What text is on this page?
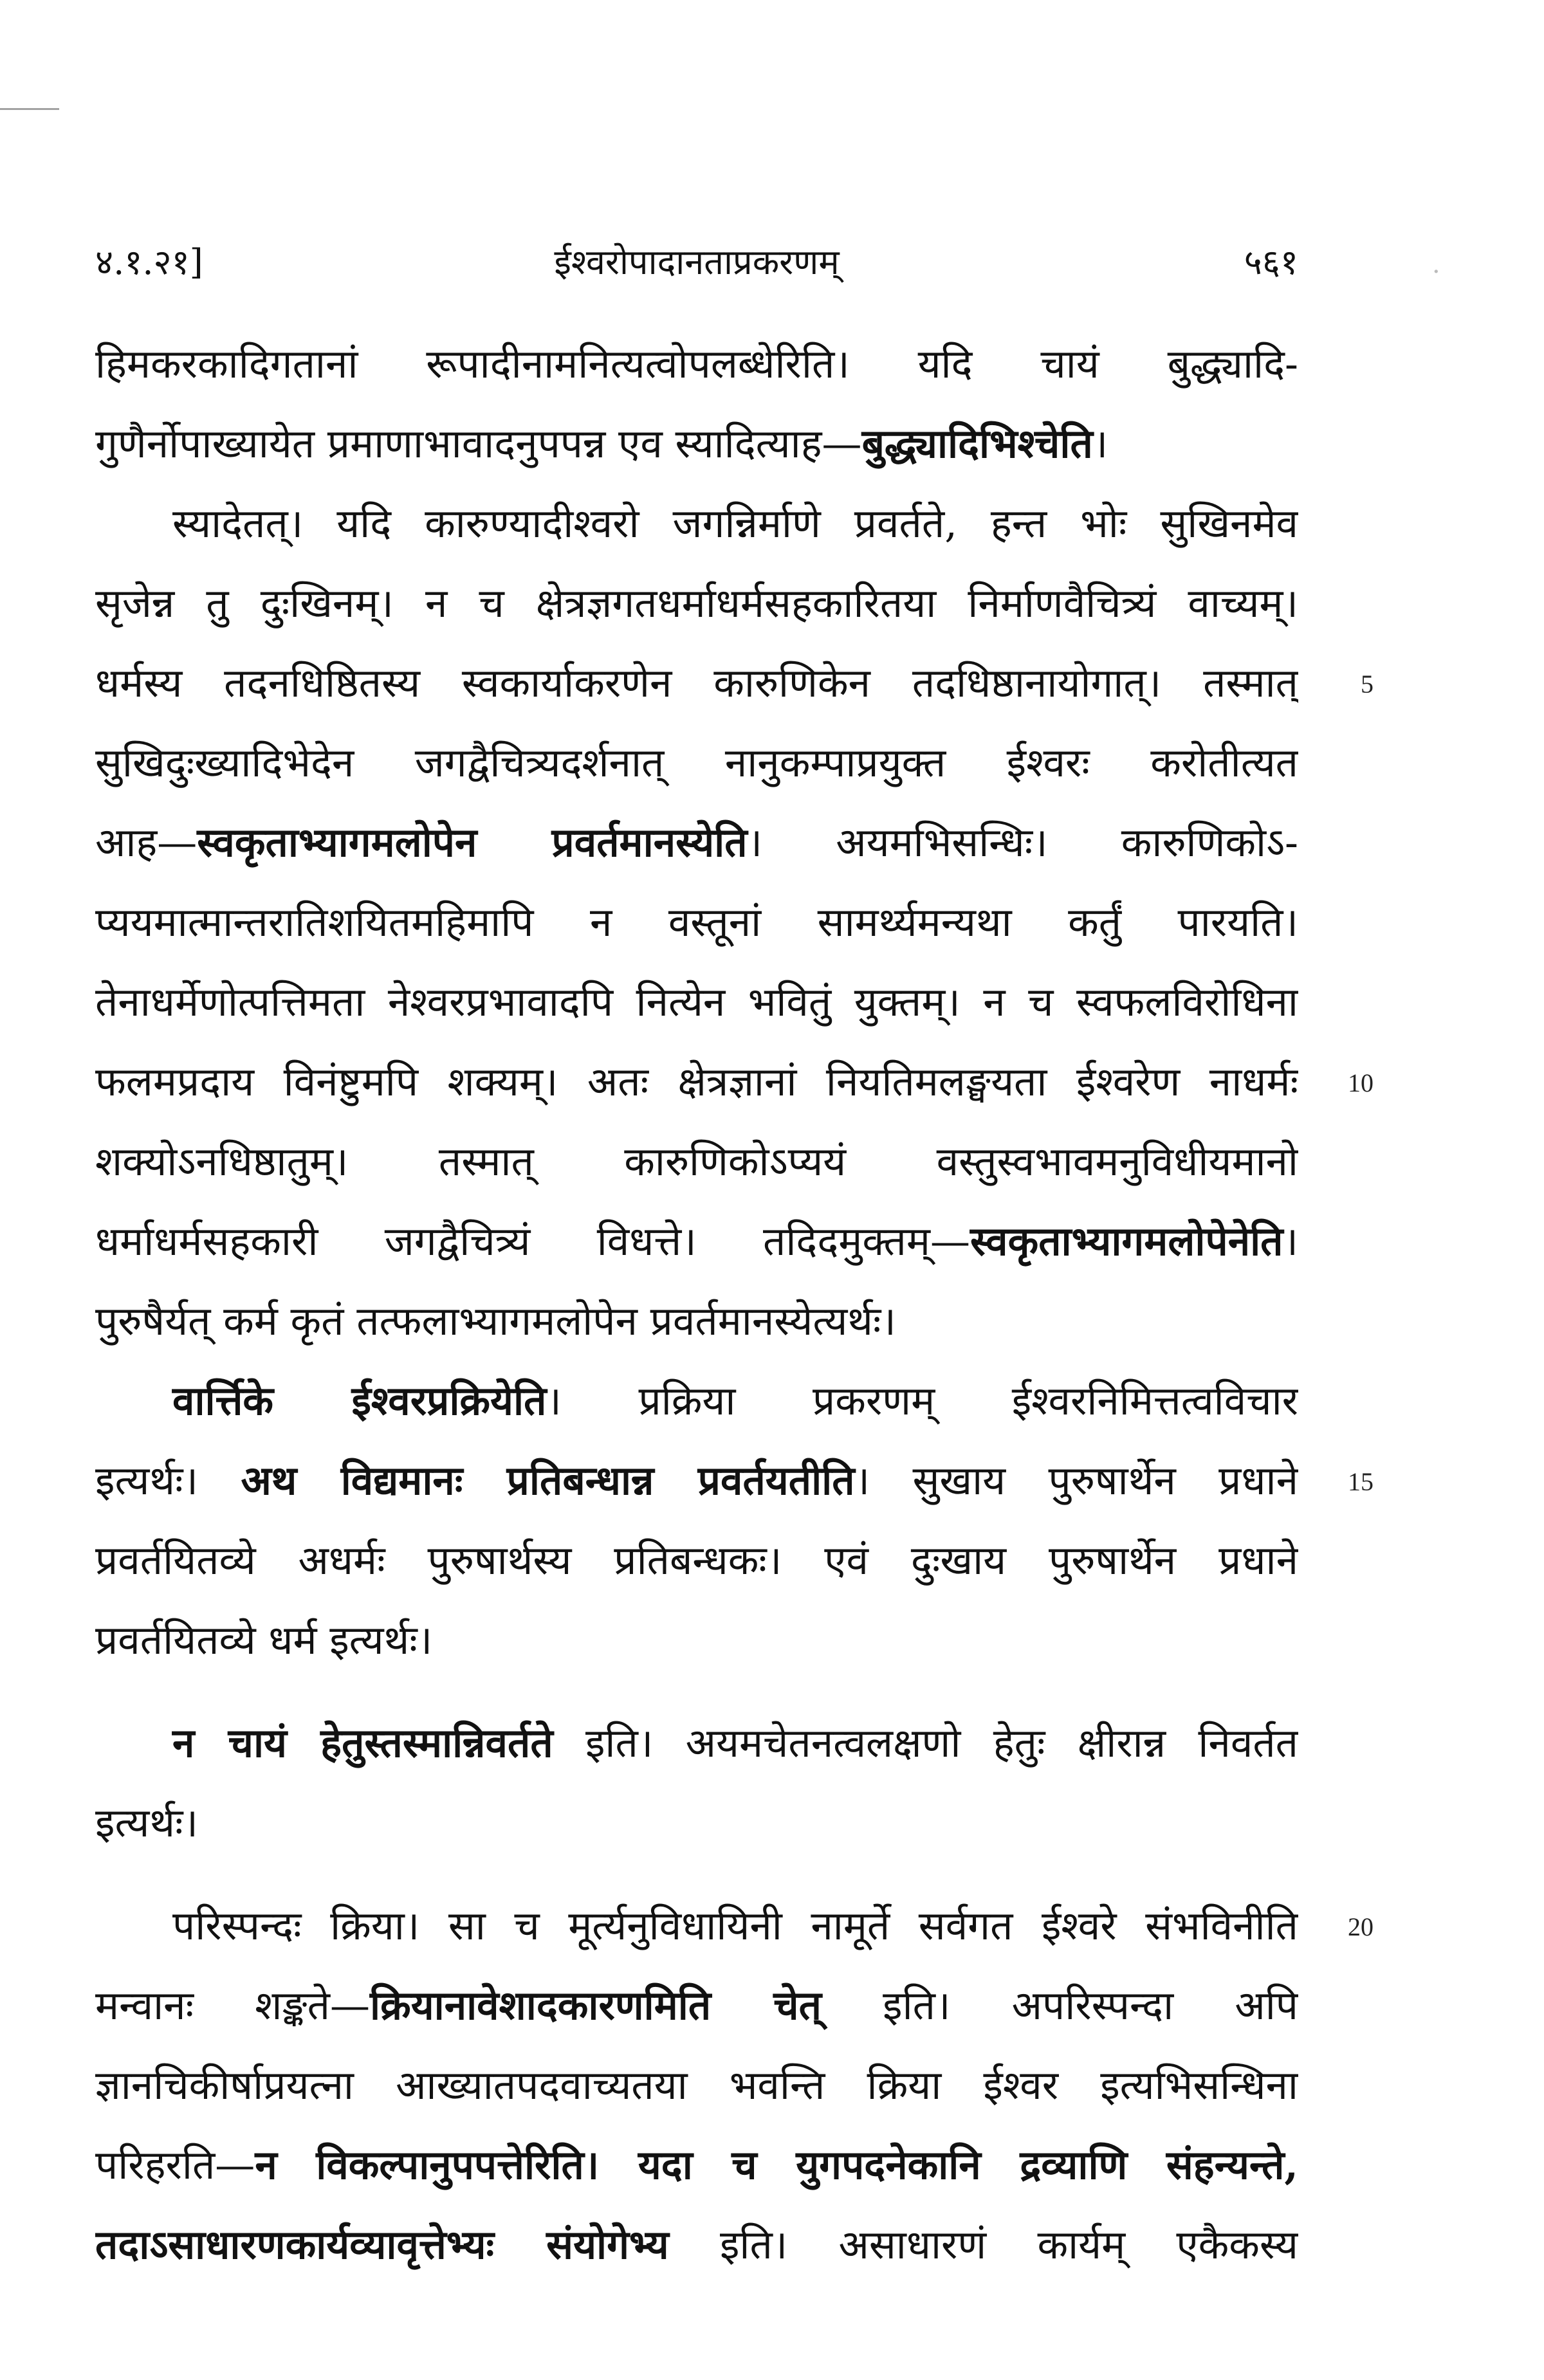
·
४.१.२१]	ईश्वरोपादानताप्रकरणम्	५६१
हिमकरकादिगतानां रूपादीनामनित्यत्वोपलब्धेरिति। यदि चायं बुद्ध्यादि-
गुणैर्नोपाख्यायेत प्रमाणाभावादनुपपन्न एव स्यादित्याह—बुद्ध्यादिभिश्चेति।
स्यादेतत्। यदि कारुण्यादीश्वरो जगन्निर्माणे प्रवर्तते, हन्त भोः सुखिनमेव
सृजेन्न तु दुःखिनम्। न च क्षेत्रज्ञगतधर्माधर्मसहकारितया निर्माणवैचित्र्यं वाच्यम्।
धर्मस्य तदनधिष्ठितस्य स्वकार्याकरणेन कारुणिकेन तदधिष्ठानायोगात्। तस्मात्
सुखिदुःख्यादिभेदेन जगद्वैचित्र्यदर्शनात् नानुकम्पाप्रयुक्त ईश्वरः करोतीत्यत
आह—स्वकृताभ्यागमलोपेन प्रवर्तमानस्येति। अयमभिसन्धिः। कारुणिकोऽ-
प्ययमात्मान्तरातिशयितमहिमापि न वस्तूनां सामर्थ्यमन्यथा कर्तुं पारयति।
तेनाधर्मेणोत्पत्तिमता नेश्वरप्रभावादपि नित्येन भवितुं युक्तम्। न च स्वफलविरोधिना
फलमप्रदाय विनंष्टुमपि शक्यम्। अतः क्षेत्रज्ञानां नियतिमलङ्घयता ईश्वरेण नाधर्मः
शक्योऽनधिष्ठातुम्। तस्मात् कारुणिकोऽप्ययं वस्तुस्वभावमनुविधीयमानो
धर्माधर्मसहकारी जगद्वैचित्र्यं विधत्ते। तदिदमुक्तम्—स्वकृताभ्यागमलोपेनेति।
पुरुषैर्यत् कर्म कृतं तत्फलाभ्यागमलोपेन प्रवर्तमानस्येत्यर्थः।
वार्त्तिके ईश्वरप्रक्रियेति। प्रक्रिया प्रकरणम् ईश्वरनिमित्तत्वविचार
इत्यर्थः। अथ विद्यमानः प्रतिबन्धान्न प्रवर्तयतीति। सुखाय पुरुषार्थेन प्रधाने
प्रवर्तयितव्ये अधर्मः पुरुषार्थस्य प्रतिबन्धकः। एवं दुःखाय पुरुषार्थेन प्रधाने
प्रवर्तयितव्ये धर्म इत्यर्थः।
न चायं हेतुस्तस्मान्निवर्तते इति। अयमचेतनत्वलक्षणो हेतुः क्षीरान्न निवर्तत
इत्यर्थः।
परिस्पन्दः क्रिया। सा च मूर्त्यनुविधायिनी नामूर्ते सर्वगत ईश्वरे संभविनीति
मन्वानः शङ्कते—क्रियानावेशादकारणमिति चेत् इति। अपरिस्पन्दा अपि
ज्ञानचिकीर्षाप्रयत्ना आख्यातपदवाच्यतया भवन्ति क्रिया ईश्वर इत्यभिसन्धिना
परिहरति—न विकल्पानुपपत्तेरिति। यदा च युगपदनेकानि द्रव्याणि संहन्यन्ते,
तदाऽसाधारणकार्यव्यावृत्तेभ्यः संयोगेभ्य इति। असाधारणं कार्यम् एकैकस्य
5
10
15
20
